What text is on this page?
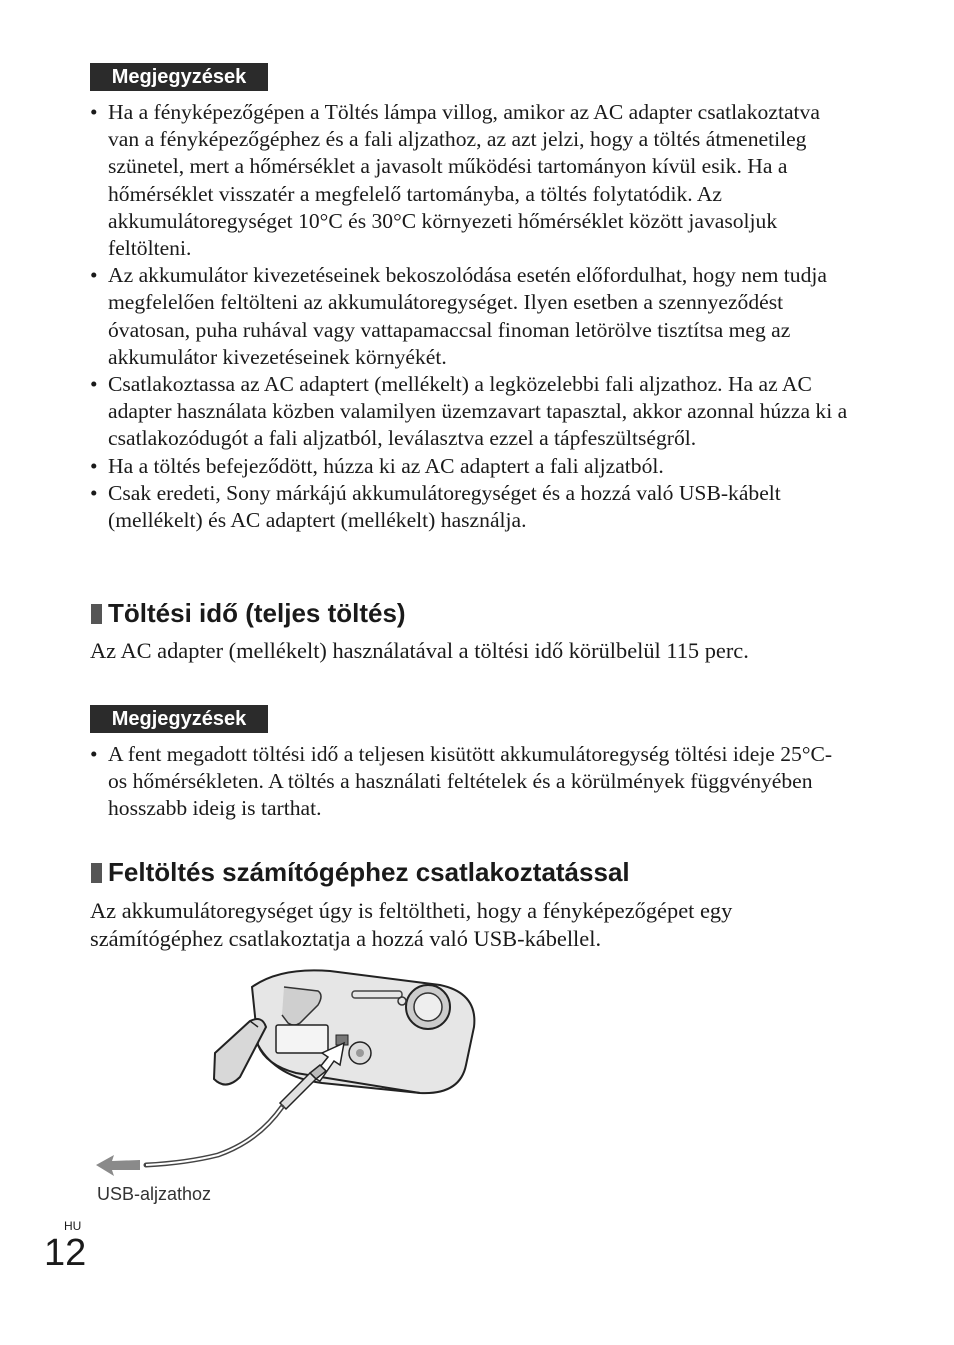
Megjegyzések
• Ha a fényképezőgépen a Töltés lámpa villog, amikor az AC adapter csatlakoztatva van a fényképezőgéphez és a fali aljzathoz, az azt jelzi, hogy a töltés átmenetileg szünetel, mert a hőmérséklet a javasolt működési tartományon kívül esik. Ha a hőmérséklet visszatér a megfelelő tartományba, a töltés folytatódik. Az akkumulátoregységet 10°C és 30°C környezeti hőmérséklet között javasoljuk feltölteni.
• Az akkumulátor kivezetéseinek bekoszolódása esetén előfordulhat, hogy nem tudja megfelelően feltölteni az akkumulátoregységet. Ilyen esetben a szennyeződést óvatosan, puha ruhával vagy vattapamaccsal finoman letörölve tisztítsa meg az akkumulátor kivezetéseinek környékét.
• Csatlakoztassa az AC adaptert (mellékelt) a legközelebbi fali aljzathoz. Ha az AC adapter használata közben valamilyen üzemzavart tapasztal, akkor azonnal húzza ki a csatlakozódugót a fali aljzatból, leválasztva ezzel a tápfeszültségről.
• Ha a töltés befejeződött, húzza ki az AC adaptert a fali aljzatból.
• Csak eredeti, Sony márkájú akkumulátoregységet és a hozzá való USB-kábelt (mellékelt) és AC adaptert (mellékelt) használja.
Töltési idő (teljes töltés)

Az AC adapter (mellékelt) használatával a töltési idő körülbelül 115 perc.

Megjegyzések
• A fent megadott töltési idő a teljesen kisütött akkumulátoregység töltési ideje 25°C-os hőmérsékleten. A töltés a használati feltételek és a körülmények függvényében hosszabb ideig is tarthat.
Feltöltés számítógéphez csatlakoztatással

Az akkumulátoregységet úgy is feltöltheti, hogy a fényképezőgépet egy számítógéphez csatlakoztatja a hozzá való USB-kábellel.

USB-aljzathoz
HU
12
